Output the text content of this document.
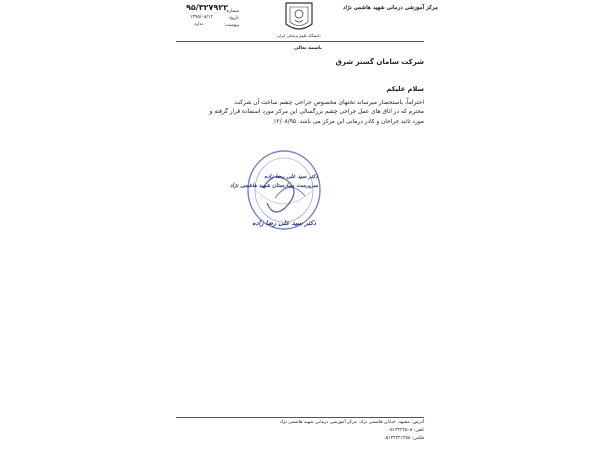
دانشگاه علوم پزشکی ایران
مرکز آموزشی درمانی شهید هاشمی نژاد
۹۵/۳۲۷۹۲۲
۱۳۹۵/۰۸/۱۲
ندارد
شماره:
تاریخ:
پیوست:
باسمه تعالی
شرکت سامان گستر شرق
سلام علیکم
احتراماً، باستحضار میرساند تختهای مخصوص جراحی چشم ساخت آن شرکت
محترم که در اتاق های عمل جراحی چشم بزرگسالی این مرکز مورد استفاده قرار گرفته و
مورد تائید جراحان و کادر درمانی این مرکز می باشد. ۱۲/۰۸/۹۵
دکتر سید علی رضا زاده
سرپرست بیمارستان شهید هاشمی نژاد
دکتر سید علی رضا زاده
آدرس: مشهد، خیابان هاشمی نژاد، مرکز آموزشی درمانی شهید هاشمی نژاد
تلفن: ۰۵۱۳۲۲۲۵۰۸
فکس: ۰۵۱۳۲۲۲۱۳۵۸
